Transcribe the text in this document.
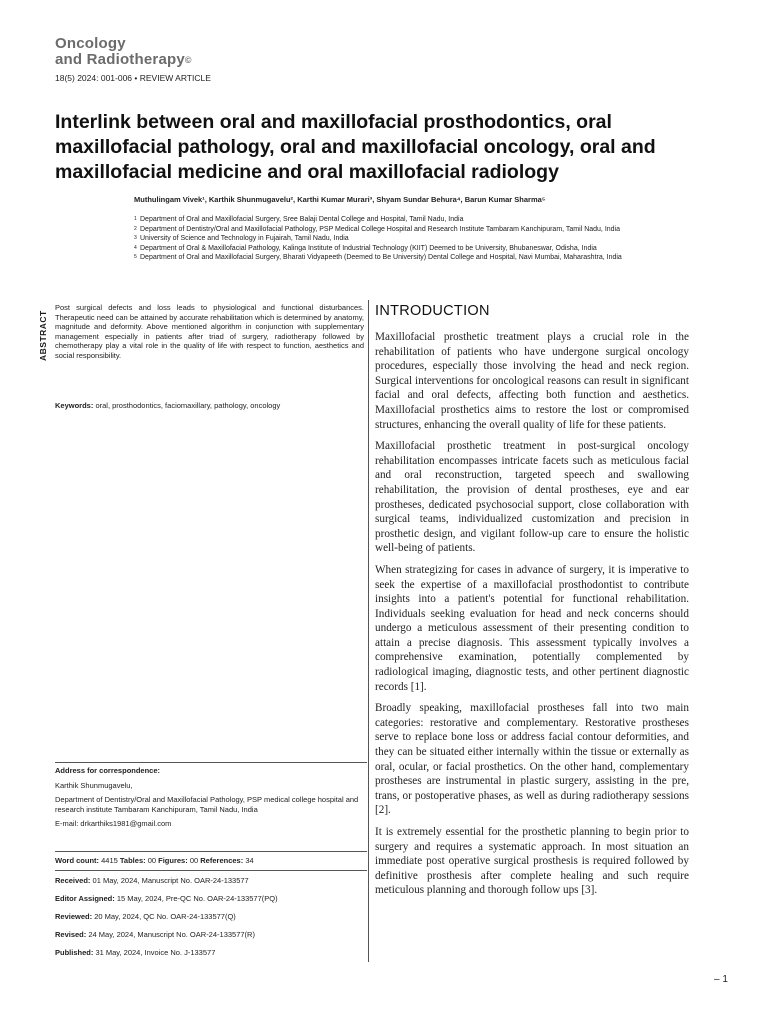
Oncology
and Radiotherapy©
18(5) 2024: 001-006 • REVIEW ARTICLE
Interlink between oral and maxillofacial prosthodontics, oral maxillofacial pathology, oral and maxillofacial oncology, oral and maxillofacial medicine and oral maxillofacial radiology
Muthulingam Vivek¹, Karthik Shunmugavelu², Karthi Kumar Murari³, Shyam Sundar Behura⁴, Barun Kumar Sharma⁵
1 Department of Oral and Maxillofacial Surgery, Sree Balaji Dental College and Hospital, Tamil Nadu, India
2 Department of Dentistry/Oral and Maxillofacial Pathology, PSP Medical College Hospital and Research Institute Tambaram Kanchipuram, Tamil Nadu, India
3 University of Science and Technology in Fujairah, Tamil Nadu, India
4 Department of Oral & Maxillofacial Pathology, Kalinga Institute of Industrial Technology (KIIT) Deemed to be University, Bhubaneswar, Odisha, India
5 Department of Oral and Maxillofacial Surgery, Bharati Vidyapeeth (Deemed to Be University) Dental College and Hospital, Navi Mumbai, Maharashtra, India
ABSTRACT
Post surgical defects and loss leads to physiological and functional disturbances. Therapeutic need can be attained by accurate rehabilitation which is determined by anatomy, magnitude and deformity. Above mentioned algorithm in conjunction with supplementary management especially in patients after triad of surgery, radiotherapy followed by chemotherapy play a vital role in the quality of life with respect to function, aesthetics and social responsibility.
Keywords: oral, prosthodontics, faciomaxillary, pathology, oncology
INTRODUCTION

Maxillofacial prosthetic treatment plays a crucial role in the rehabilitation of patients who have undergone surgical oncology procedures, especially those involving the head and neck region. Surgical interventions for oncological reasons can result in significant facial and oral defects, affecting both function and aesthetics. Maxillofacial prosthetics aims to restore the lost or compromised structures, enhancing the overall quality of life for these patients.

Maxillofacial prosthetic treatment in post-surgical oncology rehabilitation encompasses intricate facets such as meticulous facial and oral reconstruction, targeted speech and swallowing rehabilitation, the provision of dental prostheses, eye and ear prostheses, dedicated psychosocial support, close collaboration with surgical teams, individualized customization and precision in prosthetic design, and vigilant follow-up care to ensure the holistic well-being of patients.

When strategizing for cases in advance of surgery, it is imperative to seek the expertise of a maxillofacial prosthodontist to contribute insights into a patient's potential for functional rehabilitation. Individuals seeking evaluation for head and neck concerns should undergo a meticulous assessment of their presenting condition to attain a precise diagnosis. This assessment typically involves a comprehensive examination, potentially complemented by radiological imaging, diagnostic tests, and other pertinent diagnostic records [1].

Broadly speaking, maxillofacial prostheses fall into two main categories: restorative and complementary. Restorative prostheses serve to replace bone loss or address facial contour deformities, and they can be situated either internally within the tissue or externally as oral, ocular, or facial prosthetics. On the other hand, complementary prostheses are instrumental in plastic surgery, assisting in the pre, trans, or postoperative phases, as well as during radiotherapy sessions [2].

It is extremely essential for the prosthetic planning to begin prior to surgery and requires a systematic approach. In most situation an immediate post operative surgical prosthesis is required followed by definitive prosthesis after complete healing and such require meticulous planning and thorough follow ups [3].

Address for correspondence:
Karthik Shunmugavelu,
Department of Dentistry/Oral and Maxillofacial Pathology, PSP medical college hospital and research institute Tambaram Kanchipuram, Tamil Nadu, India
E-mail: drkarthiks1981@gmail.com
Word count: 4415 Tables: 00 Figures: 00 References: 34
Received: 01 May, 2024, Manuscript No. OAR-24-133577
Editor Assigned: 15 May, 2024, Pre-QC No. OAR-24-133577(PQ)
Reviewed: 20 May, 2024, QC No. OAR-24-133577(Q)
Revised: 24 May, 2024, Manuscript No. OAR-24-133577(R)
Published: 31 May, 2024, Invoice No. J-133577
– 1
